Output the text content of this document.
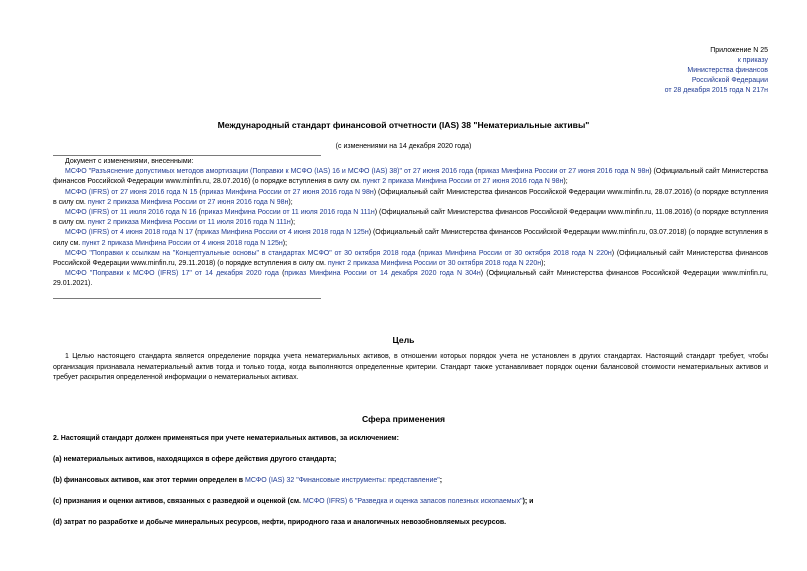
Приложение N 25
к приказу
Министерства финансов
Российской Федерации
от 28 декабря 2015 года N 217н
Международный стандарт финансовой отчетности (IAS) 38 "Нематериальные активы"
(с изменениями на 14 декабря 2020 года)
Документ с изменениями, внесенными:
МСФО "Разъяснение допустимых методов амортизации (Поправки к МСФО (IAS) 16 и МСФО (IAS) 38)" от 27 июня 2016 года (приказ Минфина России от 27 июня 2016 года N 98н) (Официальный сайт Министерства финансов Российской Федерации www.minfin.ru, 28.07.2016) (о порядке вступления в силу см. пункт 2 приказа Минфина России от 27 июня 2016 года N 98н);
МСФО (IFRS) от 27 июня 2016 года N 15 (приказ Минфина России от 27 июня 2016 года N 98н) (Официальный сайт Министерства финансов Российской Федерации www.minfin.ru, 28.07.2016) (о порядке вступления в силу см. пункт 2 приказа Минфина России от 27 июня 2016 года N 98н);
МСФО (IFRS) от 11 июля 2016 года N 16 (приказ Минфина России от 11 июля 2016 года N 111н) (Официальный сайт Министерства финансов Российской Федерации www.minfin.ru, 11.08.2016) (о порядке вступления в силу см. пункт 2 приказа Минфина России от 11 июля 2016 года N 111н);
МСФО (IFRS) от 4 июня 2018 года N 17 (приказ Минфина России от 4 июня 2018 года N 125н) (Официальный сайт Министерства финансов Российской Федерации www.minfin.ru, 03.07.2018) (о порядке вступления в силу см. пункт 2 приказа Минфина России от 4 июня 2018 года N 125н);
МСФО "Поправки к ссылкам на "Концептуальные основы" в стандартах МСФО" от 30 октября 2018 года (приказ Минфина России от 30 октября 2018 года N 220н) (Официальный сайт Министерства финансов Российской Федерации www.minfin.ru, 29.11.2018) (о порядке вступления в силу см. пункт 2 приказа Минфина России от 30 октября 2018 года N 220н);
МСФО "Поправки к МСФО (IFRS) 17" от 14 декабря 2020 года (приказ Минфина России от 14 декабря 2020 года N 304н) (Официальный сайт Министерства финансов Российской Федерации www.minfin.ru, 29.01.2021).
Цель
1 Целью настоящего стандарта является определение порядка учета нематериальных активов, в отношении которых порядок учета не установлен в других стандартах. Настоящий стандарт требует, чтобы организация признавала нематериальный актив тогда и только тогда, когда выполняются определенные критерии. Стандарт также устанавливает порядок оценки балансовой стоимости нематериальных активов и требует раскрытия определенной информации о нематериальных активах.
Сфера применения
2. Настоящий стандарт должен применяться при учете нематериальных активов, за исключением:
(a) нематериальных активов, находящихся в сфере действия другого стандарта;
(b) финансовых активов, как этот термин определен в МСФО (IAS) 32 "Финансовые инструменты: представление";
(c) признания и оценки активов, связанных с разведкой и оценкой (см. МСФО (IFRS) 6 "Разведка и оценка запасов полезных ископаемых"); и
(d) затрат по разработке и добыче минеральных ресурсов, нефти, природного газа и аналогичных невозобновляемых ресурсов.
